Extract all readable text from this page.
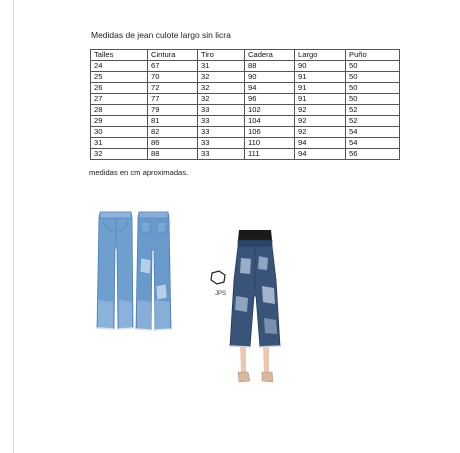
Medidas de jean culote largo sin licra
Talles	Cintura	Tiro	Cadera	Largo	Puño
24	67	31	88	90	50
25	70	32	90	91	50
26	72	32	94	91	50
27	77	32	96	91	50
28	79	33	102	92	52
29	81	33	104	92	52
30	82	33	106	92	54
31	86	33	110	94	54
32	88	33	111	94	56
medidas en cm aproximadas.
JPS
